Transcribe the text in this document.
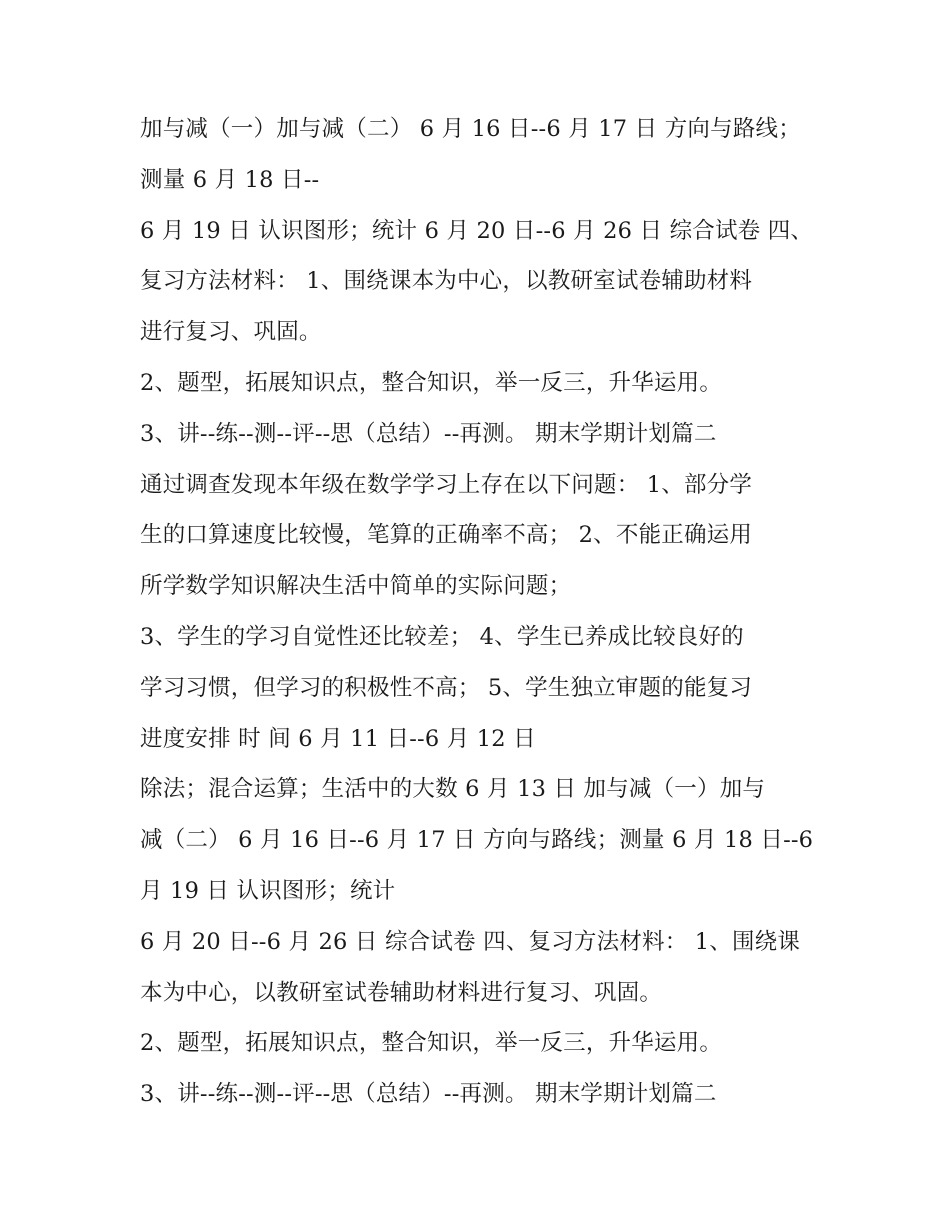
加与减（一）加与减（二） 6 月 16 日--6 月 17 日 方向与路线；
测量 6 月 18 日--
6 月 19 日 认识图形；统计 6 月 20 日--6 月 26 日 综合试卷 四、
复习方法材料： 1、围绕课本为中心，以教研室试卷辅助材料
进行复习、巩固。
2、题型，拓展知识点，整合知识，举一反三，升华运用。
3、讲--练--测--评--思（总结）--再测。 期末学期计划篇二
通过调查发现本年级在数学学习上存在以下问题： 1、部分学
生的口算速度比较慢，笔算的正确率不高； 2、不能正确运用
所学数学知识解决生活中简单的实际问题；
3、学生的学习自觉性还比较差； 4、学生已养成比较良好的
学习习惯，但学习的积极性不高； 5、学生独立审题的能复习
进度安排 时 间 6 月 11 日--6 月 12 日
除法；混合运算；生活中的大数 6 月 13 日 加与减（一）加与
减（二） 6 月 16 日--6 月 17 日 方向与路线；测量 6 月 18 日--6
月 19 日 认识图形；统计
6 月 20 日--6 月 26 日 综合试卷 四、复习方法材料： 1、围绕课
本为中心，以教研室试卷辅助材料进行复习、巩固。
2、题型，拓展知识点，整合知识，举一反三，升华运用。
3、讲--练--测--评--思（总结）--再测。 期末学期计划篇二
